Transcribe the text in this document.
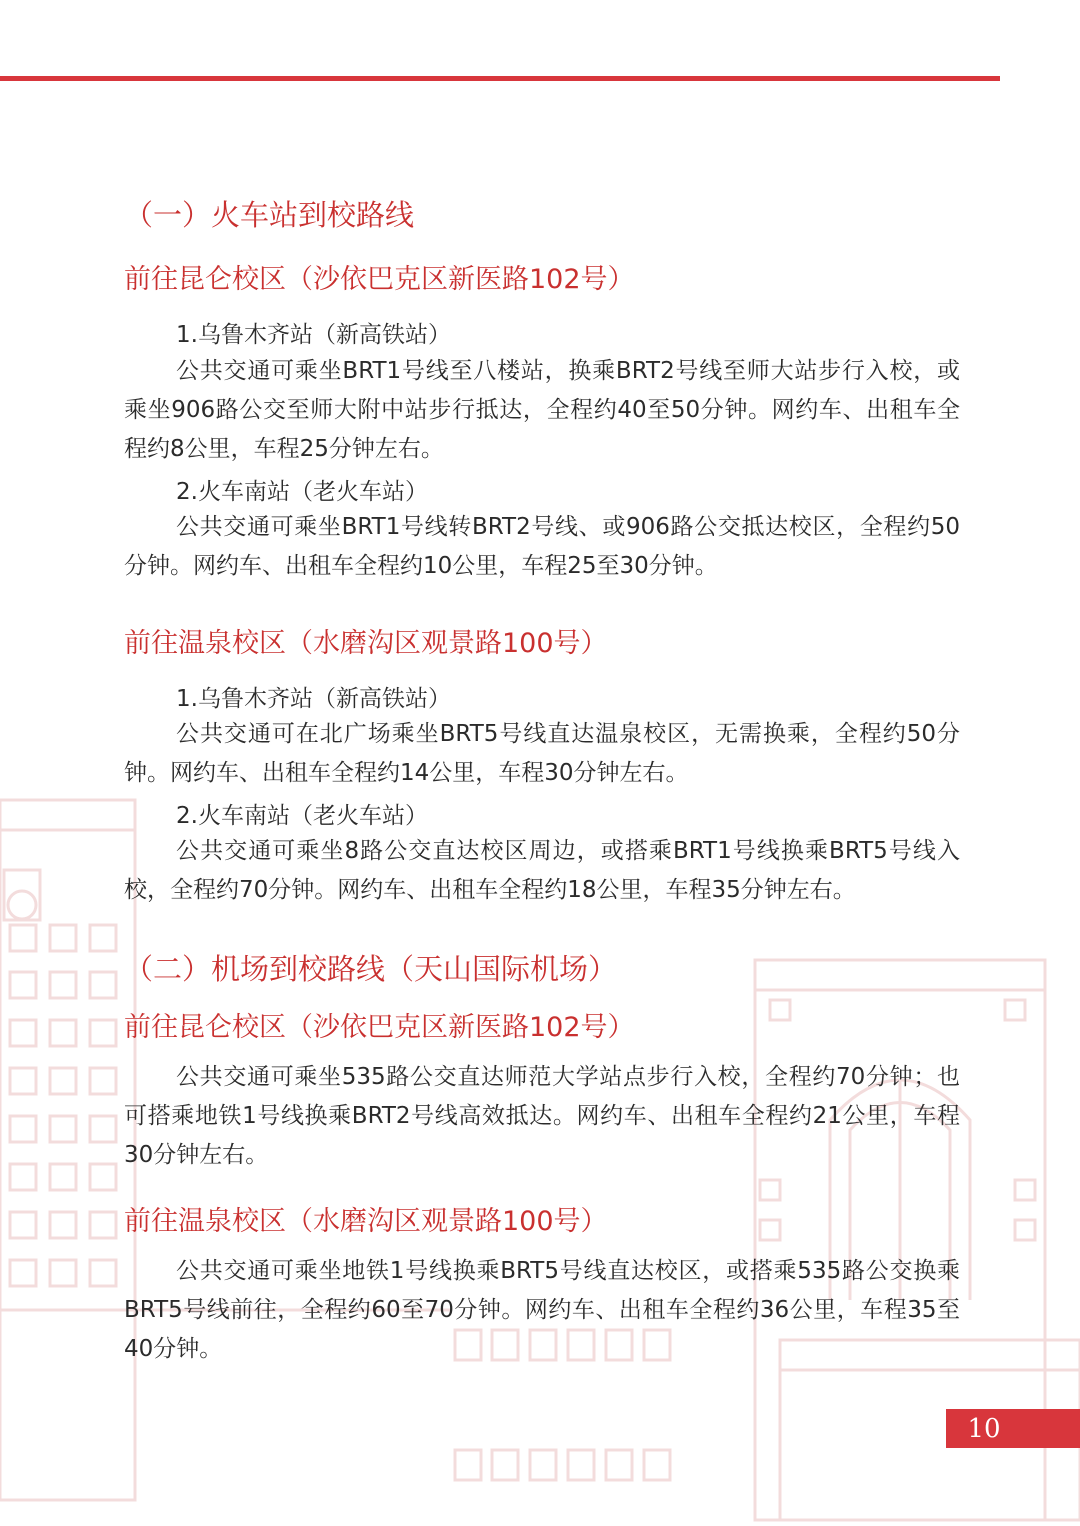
（一）火车站到校路线
前往昆仑校区（沙依巴克区新医路102号）

1.乌鲁木齐站（新高铁站）

公共交通可乘坐BRT1号线至八楼站，换乘BRT2号线至师大站步行入校，或乘坐906路公交至师大附中站步行抵达，全程约40至50分钟。网约车、出租车全程约8公里，车程25分钟左右。

2.火车南站（老火车站）

公共交通可乘坐BRT1号线转BRT2号线、或906路公交抵达校区，全程约50分钟。网约车、出租车全程约10公里，车程25至30分钟。

前往温泉校区（水磨沟区观景路100号）

1.乌鲁木齐站（新高铁站）

公共交通可在北广场乘坐BRT5号线直达温泉校区，无需换乘，全程约50分钟。网约车、出租车全程约14公里，车程30分钟左右。

2.火车南站（老火车站）

公共交通可乘坐8路公交直达校区周边，或搭乘BRT1号线换乘BRT5号线入校，全程约70分钟。网约车、出租车全程约18公里，车程35分钟左右。

（二）机场到校路线（天山国际机场）
前往昆仑校区（沙依巴克区新医路102号）

公共交通可乘坐535路公交直达师范大学站点步行入校，全程约70分钟；也可搭乘地铁1号线换乘BRT2号线高效抵达。网约车、出租车全程约21公里，车程30分钟左右。

前往温泉校区（水磨沟区观景路100号）

公共交通可乘坐地铁1号线换乘BRT5号线直达校区，或搭乘535路公交换乘BRT5号线前往，全程约60至70分钟。网约车、出租车全程约36公里，车程35至40分钟。

10
